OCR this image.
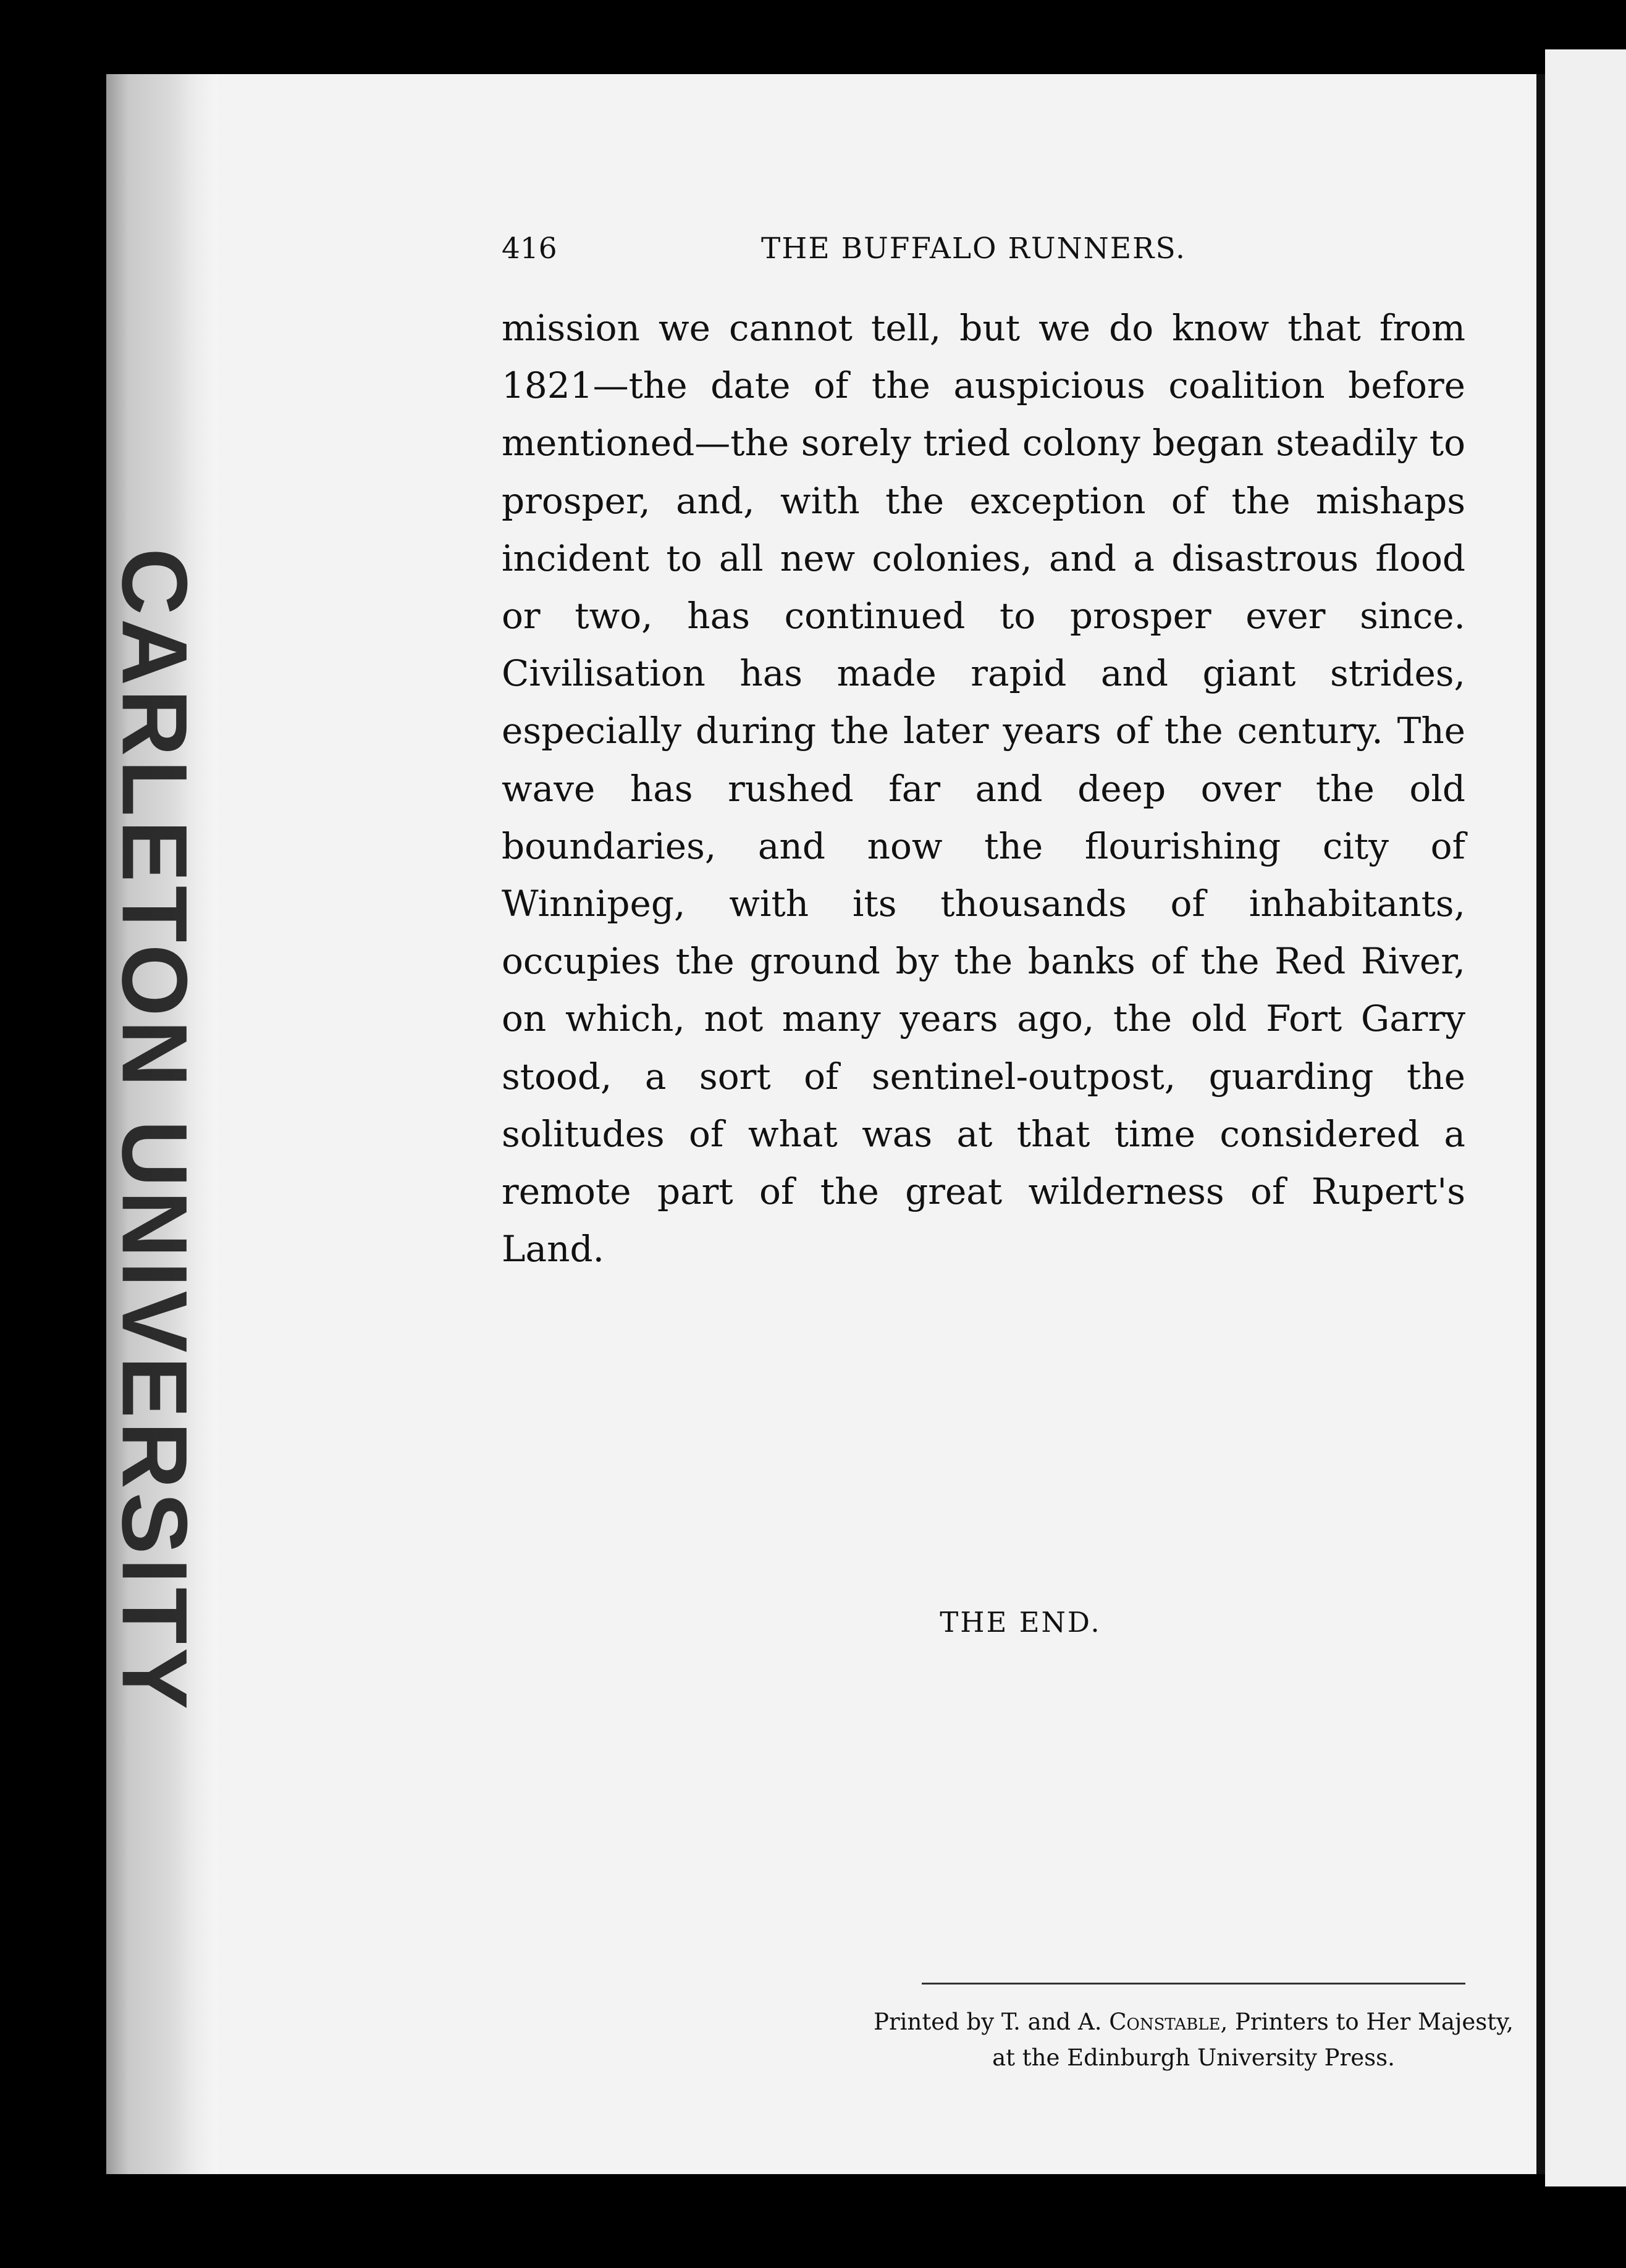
CARLETON UNIVERSITY
416	THE BUFFALO RUNNERS.

mission we cannot tell, but we do know that from 1821—the date of the auspicious coalition before mentioned—the sorely tried colony began steadily to prosper, and, with the exception of the mishaps incident to all new colonies, and a disastrous flood or two, has continued to prosper ever since. Civilisation has made rapid and giant strides, especially during the later years of the century. The wave has rushed far and deep over the old boundaries, and now the flourishing city of Winnipeg, with its thousands of inhabitants, occupies the ground by the banks of the Red River, on which, not many years ago, the old Fort Garry stood, a sort of sentinel-outpost, guarding the solitudes of what was at that time considered a remote part of the great wilderness of Rupert's Land.

THE END.
Printed by T. and A. Constable, Printers to Her Majesty,
at the Edinburgh University Press.
